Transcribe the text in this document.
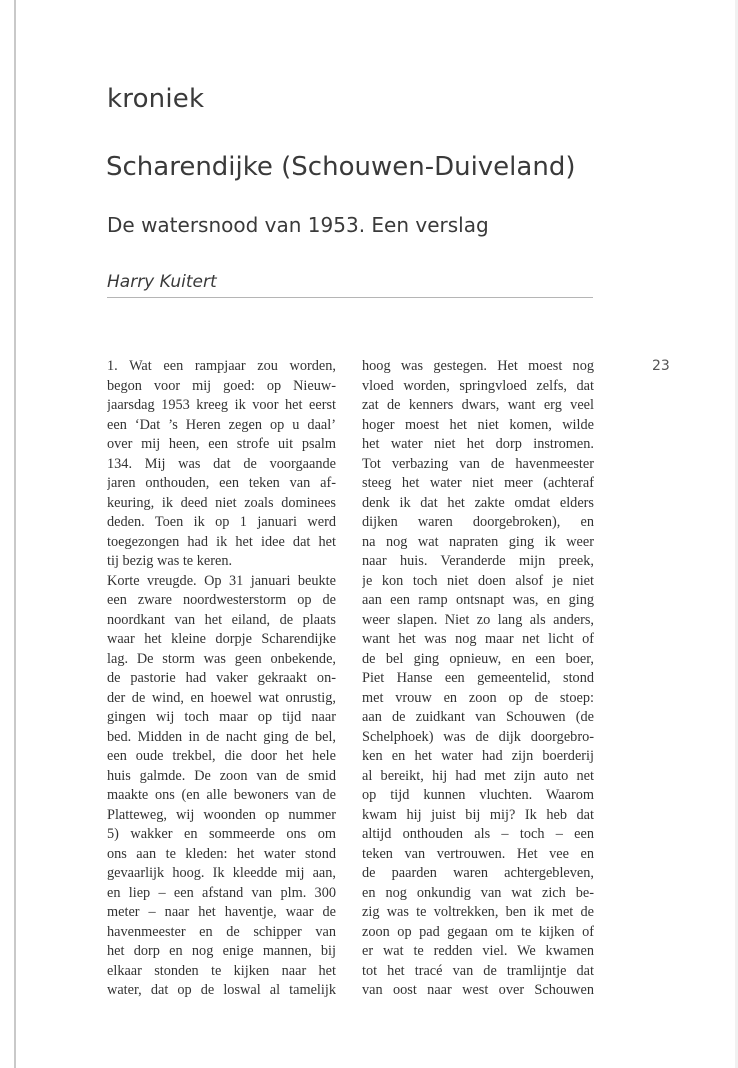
kroniek
Scharendijke (Schouwen-Duiveland)
De watersnood van 1953. Een verslag
Harry Kuitert
23
1. Wat een rampjaar zou worden,
begon voor mij goed: op Nieuw-
jaarsdag 1953 kreeg ik voor het eerst
een ‘Dat ’s Heren zegen op u daal’
over mij heen, een strofe uit psalm
134. Mij was dat de voorgaande
jaren onthouden, een teken van af-
keuring, ik deed niet zoals dominees
deden. Toen ik op 1 januari werd
toegezongen had ik het idee dat het
tij bezig was te keren.
Korte vreugde. Op 31 januari beukte
een zware noordwesterstorm op de
noordkant van het eiland, de plaats
waar het kleine dorpje Scharendijke
lag. De storm was geen onbekende,
de pastorie had vaker gekraakt on-
der de wind, en hoewel wat onrustig,
gingen wij toch maar op tijd naar
bed. Midden in de nacht ging de bel,
een oude trekbel, die door het hele
huis galmde. De zoon van de smid
maakte ons (en alle bewoners van de
Platteweg, wij woonden op nummer
5) wakker en sommeerde ons om
ons aan te kleden: het water stond
gevaarlijk hoog. Ik kleedde mij aan,
en liep – een afstand van plm. 300
meter – naar het haventje, waar de
havenmeester en de schipper van
het dorp en nog enige mannen, bij
elkaar stonden te kijken naar het
water, dat op de loswal al tamelijk
hoog was gestegen. Het moest nog
vloed worden, springvloed zelfs, dat
zat de kenners dwars, want erg veel
hoger moest het niet komen, wilde
het water niet het dorp instromen.
Tot verbazing van de havenmeester
steeg het water niet meer (achteraf
denk ik dat het zakte omdat elders
dijken waren doorgebroken), en
na nog wat napraten ging ik weer
naar huis. Veranderde mijn preek,
je kon toch niet doen alsof je niet
aan een ramp ontsnapt was, en ging
weer slapen. Niet zo lang als anders,
want het was nog maar net licht of
de bel ging opnieuw, en een boer,
Piet Hanse een gemeentelid, stond
met vrouw en zoon op de stoep:
aan de zuidkant van Schouwen (de
Schelphoek) was de dijk doorgebro-
ken en het water had zijn boerderij
al bereikt, hij had met zijn auto net
op tijd kunnen vluchten. Waarom
kwam hij juist bij mij? Ik heb dat
altijd onthouden als – toch – een
teken van vertrouwen. Het vee en
de paarden waren achtergebleven,
en nog onkundig van wat zich be-
zig was te voltrekken, ben ik met de
zoon op pad gegaan om te kijken of
er wat te redden viel. We kwamen
tot het tracé van de tramlijntje dat
van oost naar west over Schouwen
